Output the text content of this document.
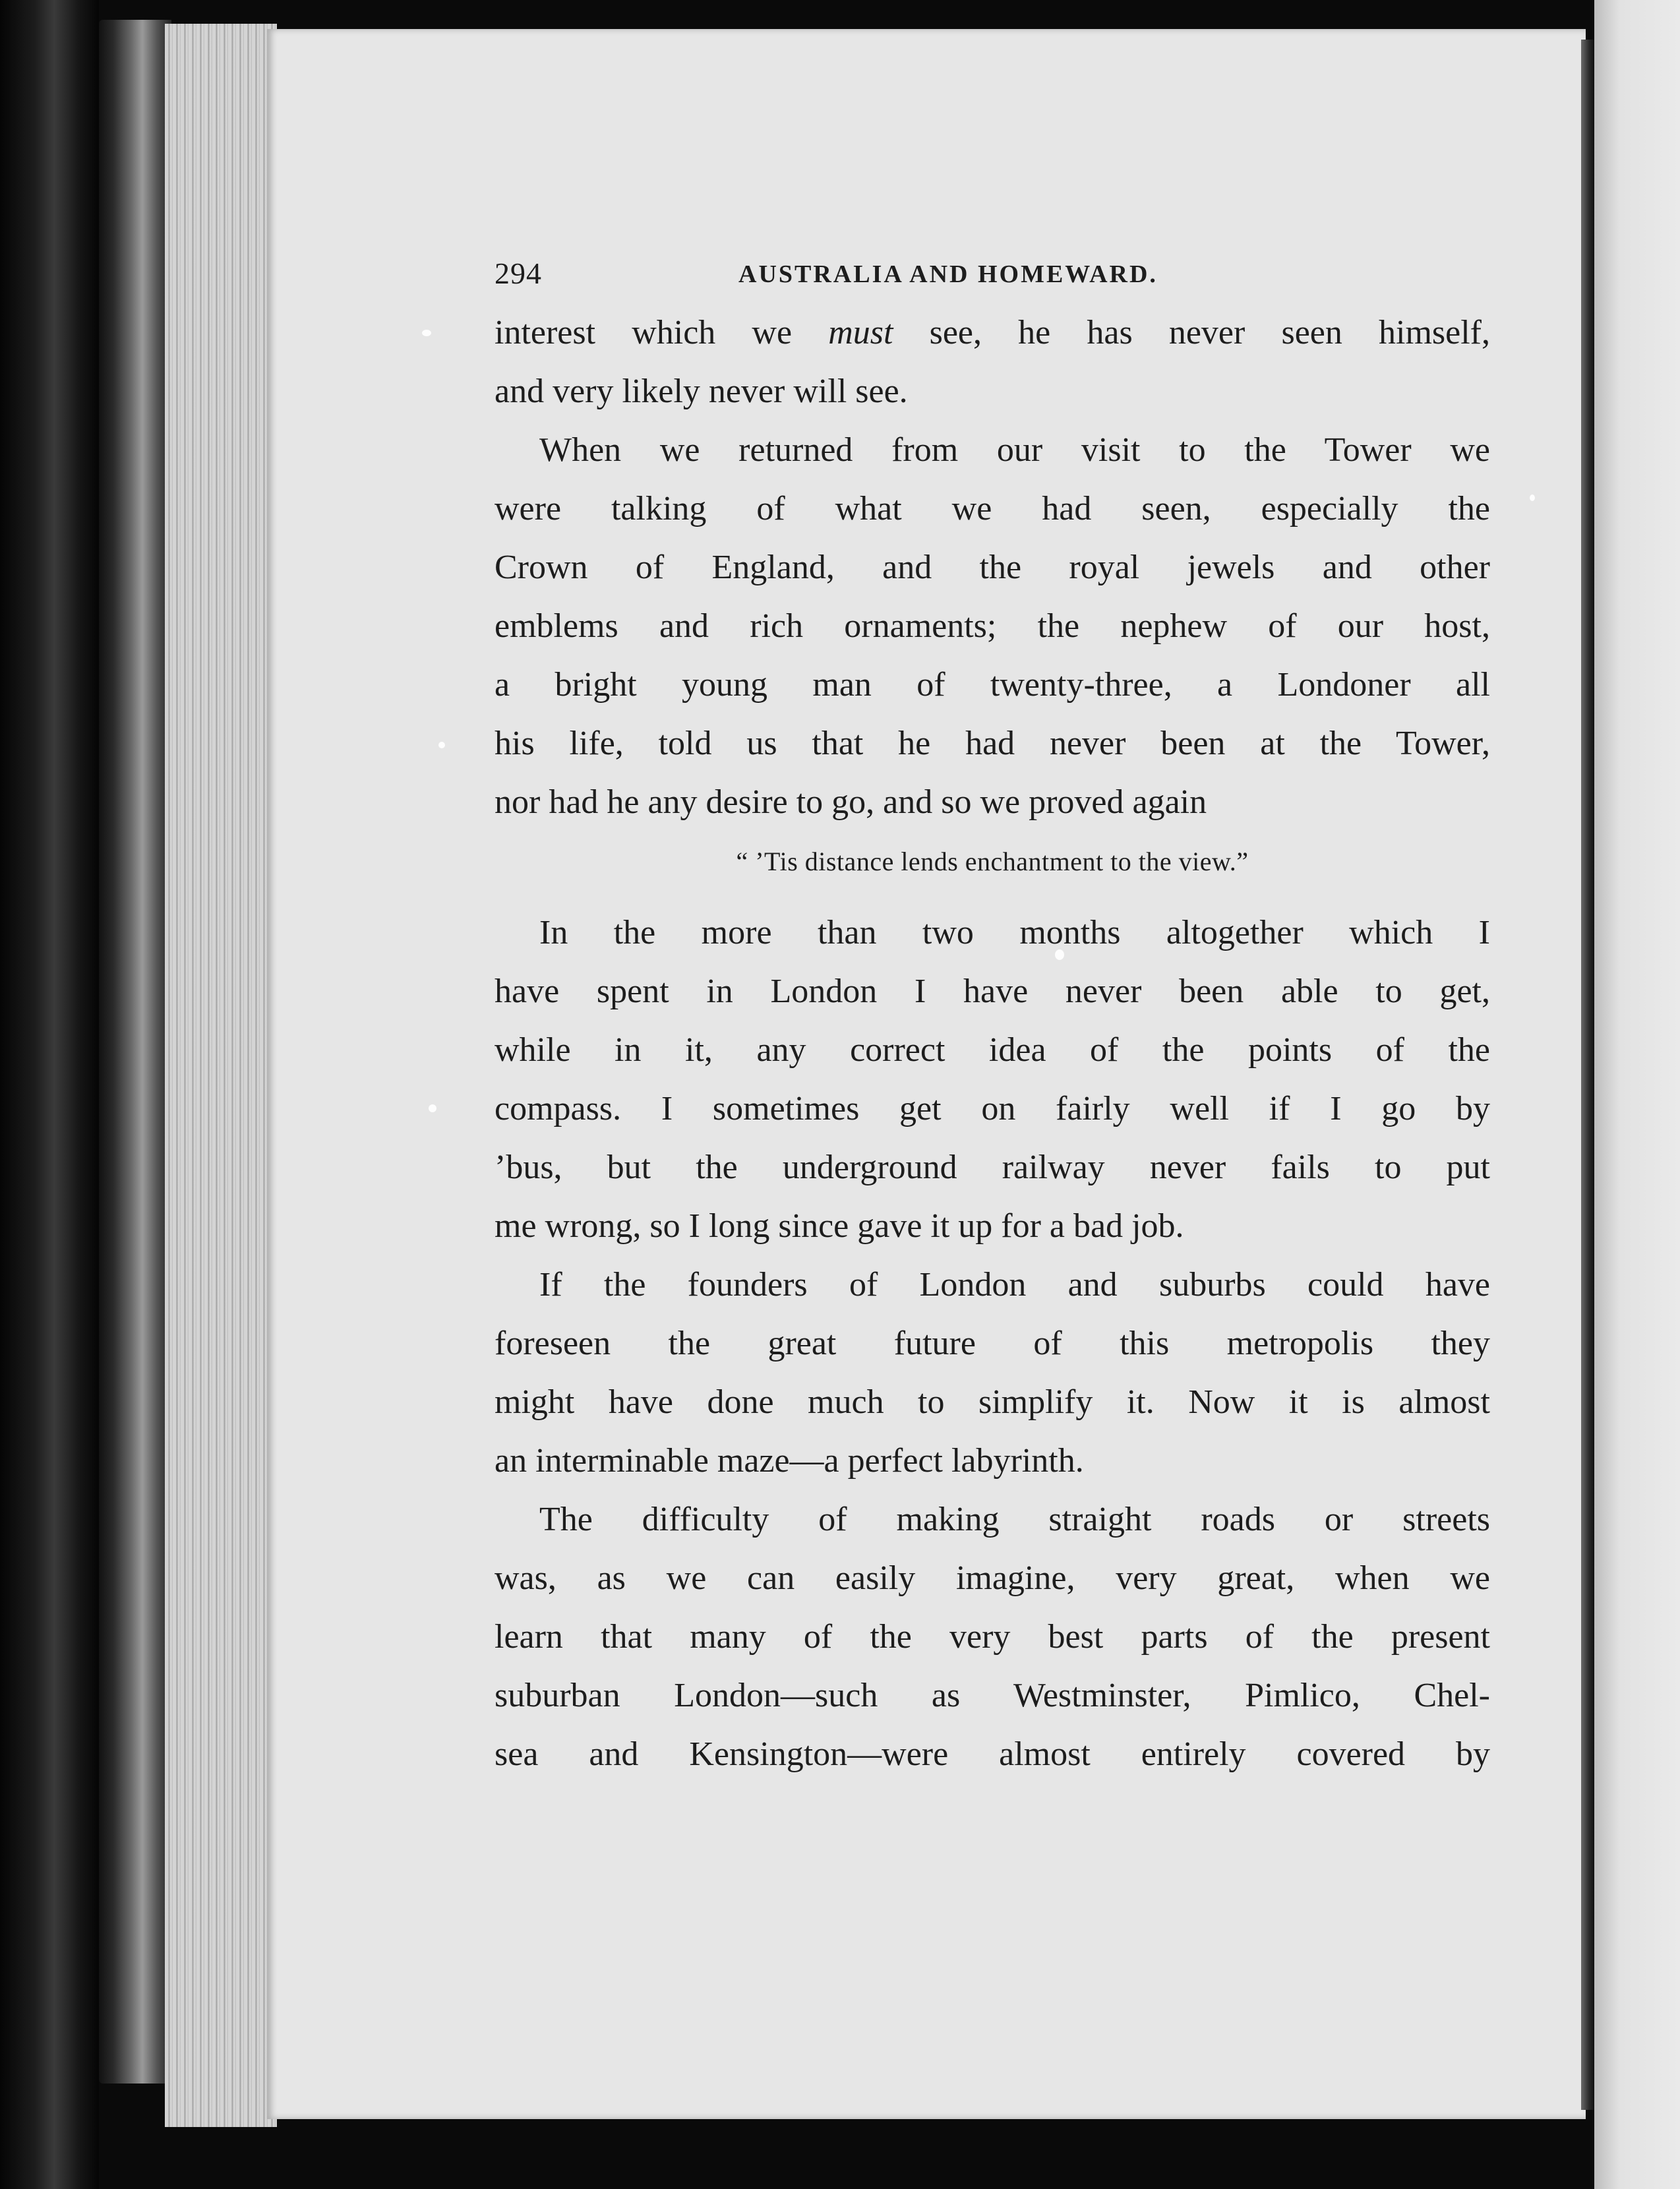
294	AUSTRALIA AND HOMEWARD.

interest which we must see, he has never seen himself,
and very likely never will see.

When we returned from our visit to the Tower we
were talking of what we had seen, especially the
Crown of England, and the royal jewels and other
emblems and rich ornaments; the nephew of our host,
a bright young man of twenty-three, a Londoner all
his life, told us that he had never been at the Tower,
nor had he any desire to go, and so we proved again

“ ’Tis distance lends enchantment to the view.”

In the more than two months altogether which I
have spent in London I have never been able to get,
while in it, any correct idea of the points of the
compass. I sometimes get on fairly well if I go by
’bus, but the underground railway never fails to put
me wrong, so I long since gave it up for a bad job.

If the founders of London and suburbs could have
foreseen the great future of this metropolis they
might have done much to simplify it. Now it is almost
an interminable maze—a perfect labyrinth.

The difficulty of making straight roads or streets
was, as we can easily imagine, very great, when we
learn that many of the very best parts of the present
suburban London—such as Westminster, Pimlico, Chel-
sea and Kensington—were almost entirely covered by
